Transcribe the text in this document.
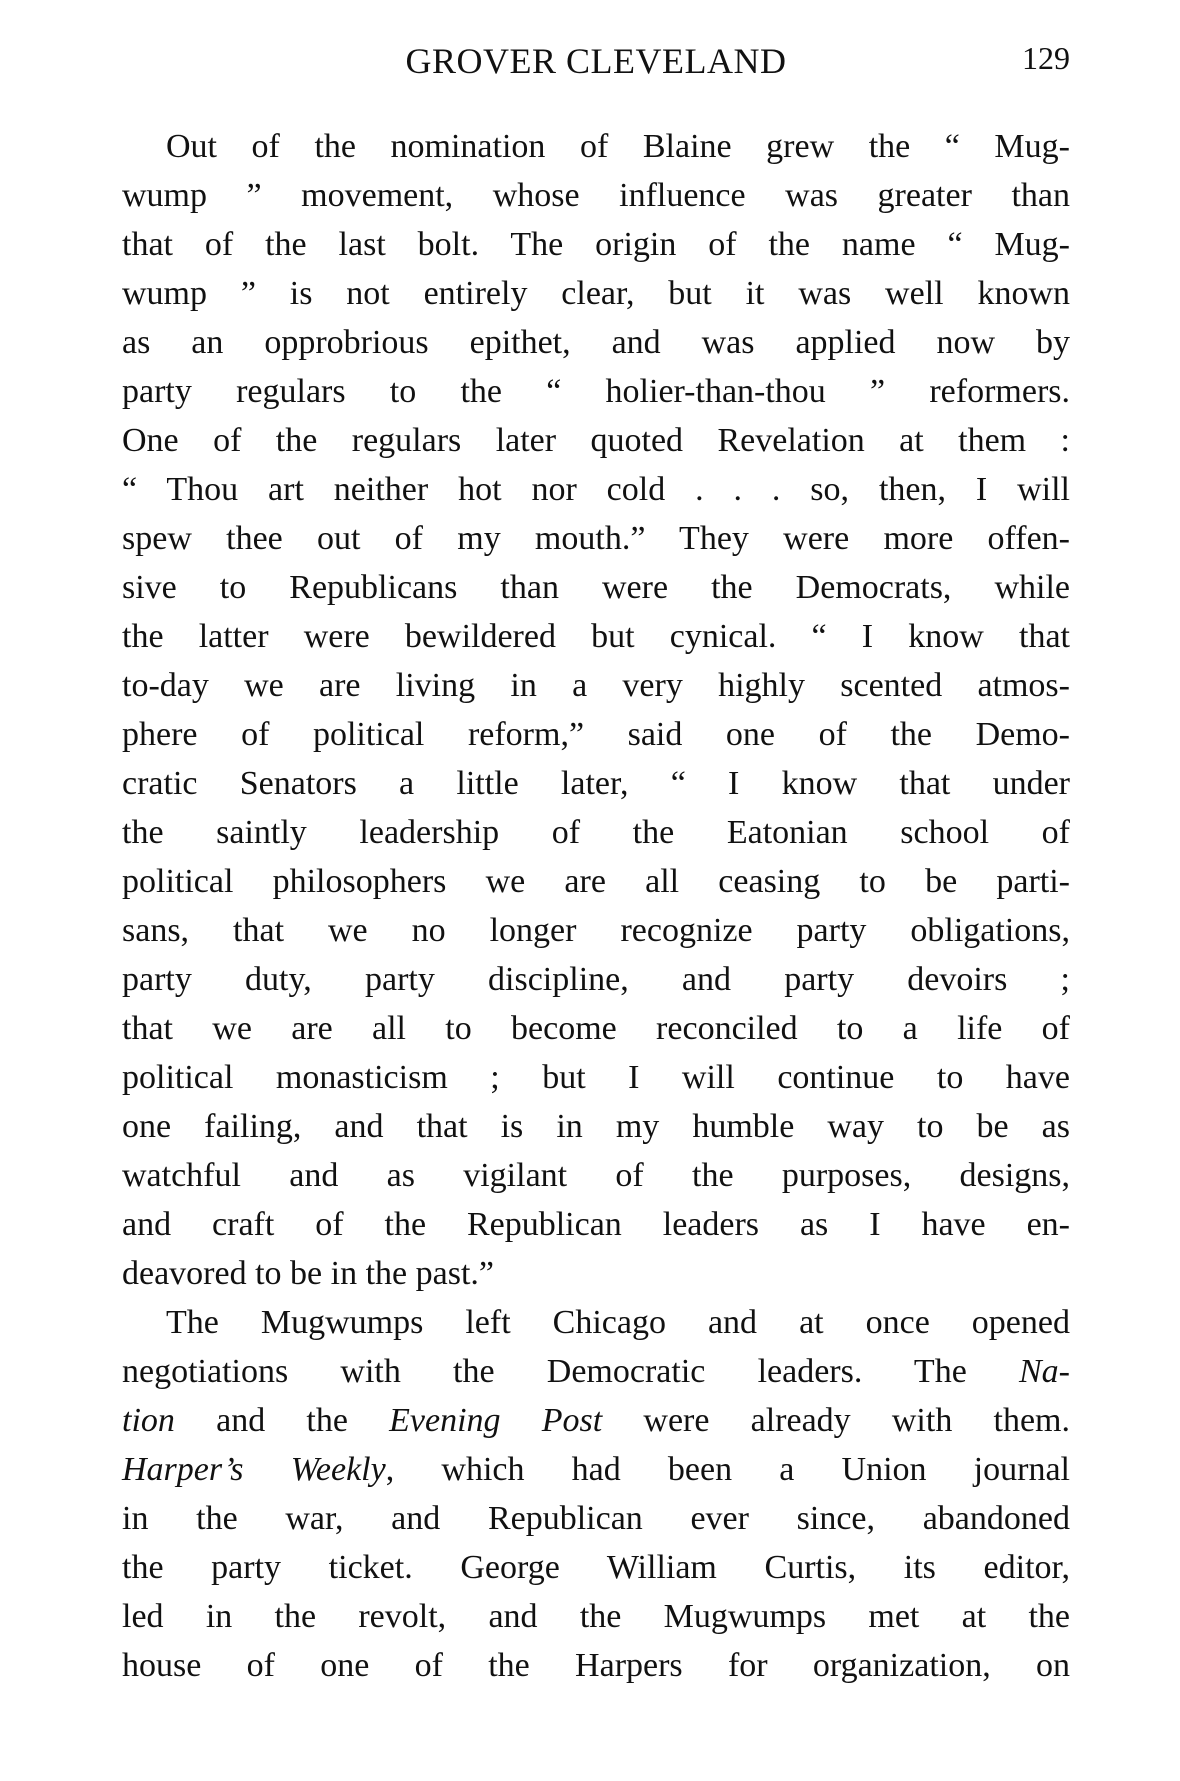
GROVER CLEVELAND	129
Out of the nomination of Blaine grew the “ Mug-
wump ” movement, whose influence was greater than
that of the last bolt. The origin of the name “ Mug-
wump ” is not entirely clear, but it was well known
as an opprobrious epithet, and was applied now by
party regulars to the “ holier-than-thou ” reformers.
One of the regulars later quoted Revelation at them :
“ Thou art neither hot nor cold . . . so, then, I will
spew thee out of my mouth.” They were more offen-
sive to Republicans than were the Democrats, while
the latter were bewildered but cynical. “ I know that
to-day we are living in a very highly scented atmos-
phere of political reform,” said one of the Demo-
cratic Senators a little later, “ I know that under
the saintly leadership of the Eatonian school of
political philosophers we are all ceasing to be parti-
sans, that we no longer recognize party obligations,
party duty, party discipline, and party devoirs ;
that we are all to become reconciled to a life of
political monasticism ; but I will continue to have
one failing, and that is in my humble way to be as
watchful and as vigilant of the purposes, designs,
and craft of the Republican leaders as I have en-
deavored to be in the past.”
The Mugwumps left Chicago and at once opened
negotiations with the Democratic leaders. The Na-
tion and the Evening Post were already with them.
Harper’s Weekly, which had been a Union journal
in the war, and Republican ever since, abandoned
the party ticket. George William Curtis, its editor,
led in the revolt, and the Mugwumps met at the
house of one of the Harpers for organization, on
